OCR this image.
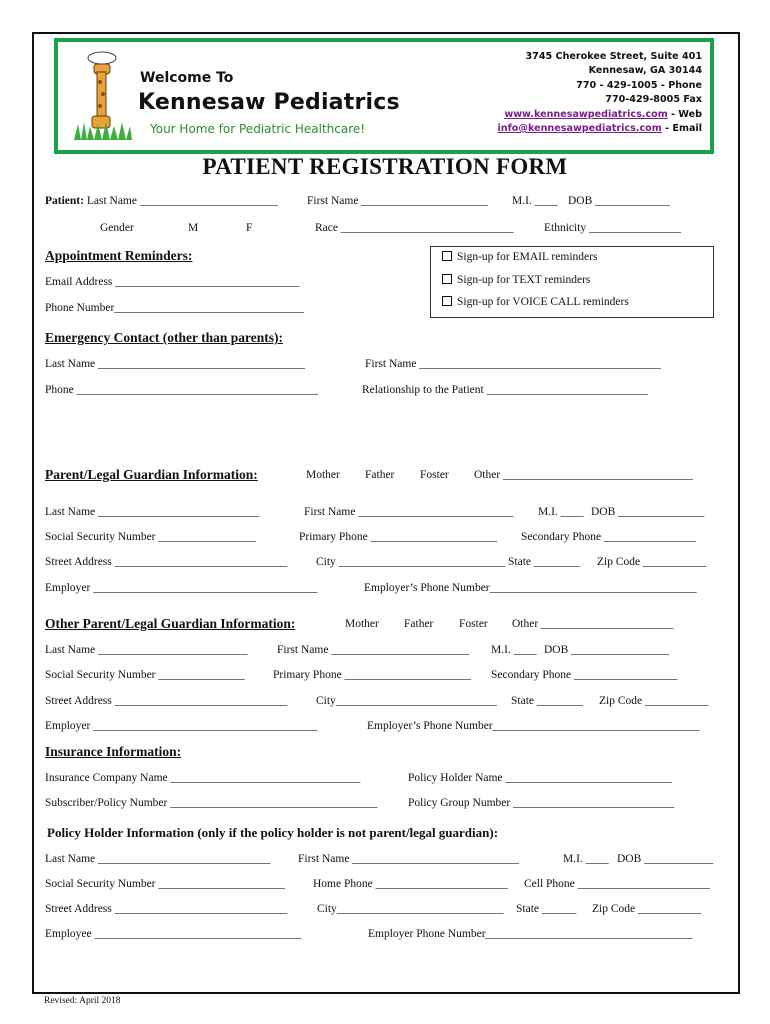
Welcome To
Kennesaw Pediatrics
Your Home for Pediatric Healthcare!
3745 Cherokee Street, Suite 401
Kennesaw, GA 30144
770 - 429-1005 - Phone
770-429-8005 Fax
www.kennesawpediatrics.com - Web
info@kennesawpediatrics.com - Email
PATIENT REGISTRATION FORM
Patient: Last Name ________________________	First Name ______________________ M.I. ____ DOB _____________
Gender	M	F	Race ______________________________	Ethnicity ________________
Appointment Reminders:
Email Address ________________________________
Phone Number_________________________________
Sign-up for EMAIL reminders
Sign-up for TEXT reminders
Sign-up for VOICE CALL reminders
Emergency Contact (other than parents):
Last Name ____________________________________	First Name __________________________________________
Phone __________________________________________	Relationship to the Patient ____________________________
Parent/Legal Guardian Information:	Mother Father Foster Other _________________________________
Last Name ____________________________	First Name ___________________________ M.I. ____ DOB _______________
Social Security Number _________________	Primary Phone ______________________ Secondary Phone ________________
Street Address ______________________________	City _____________________________ State ________ Zip Code ___________
Employer _______________________________________	Employer’s Phone Number____________________________________
Other Parent/Legal Guardian Information:	Mother Father Foster Other _______________________
Last Name __________________________	First Name ________________________ M.I. ____ DOB _________________
Social Security Number _______________ Primary Phone ______________________ Secondary Phone __________________
Street Address ______________________________	City____________________________ State ________ Zip Code ___________
Employer _______________________________________	Employer’s Phone Number____________________________________
Insurance Information:
Insurance Company Name _________________________________	Policy Holder Name _____________________________
Subscriber/Policy Number ____________________________________	Policy Group Number ____________________________
Policy Holder Information (only if the policy holder is not parent/legal guardian):
Last Name ______________________________ First Name _____________________________	M.I. ____ DOB ____________
Social Security Number ______________________ Home Phone _______________________ Cell Phone _______________________
Street Address ______________________________	City_____________________________ State ______ Zip Code ___________
Employee ____________________________________	Employer Phone Number____________________________________
Revised: April 2018
